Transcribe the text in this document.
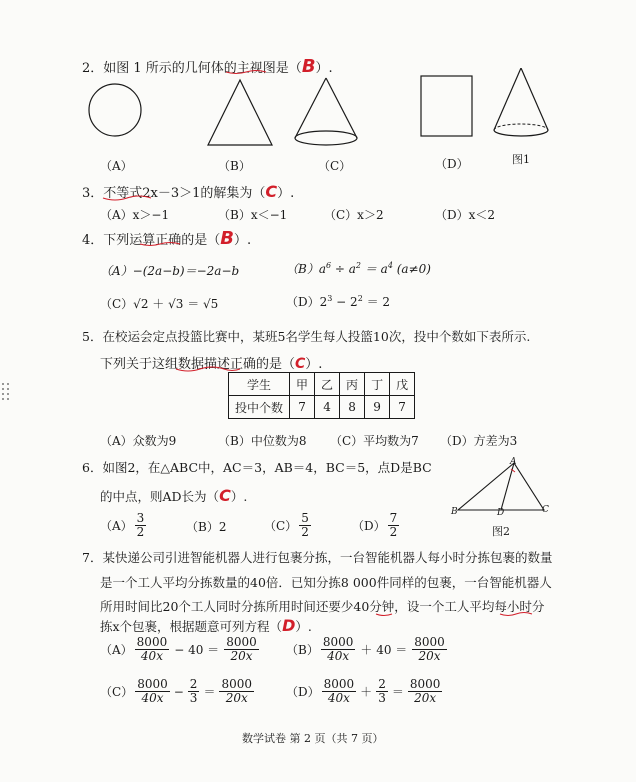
2．如图 1 所示的几何体的主视图是（B）.
（A）	（B）	（C）	（D）	图1
3．不等式2x－3＞1的解集为（C）.
（A）x＞−1	（B）x＜−1	（C）x＞2	（D）x＜2
4．下列运算正确的是（B）.
（A）−(2a−b)＝−2a−b	$(B)a^6 \div a^2 = a^4$ (a≠0)
（C）√2 ＋ √3 ＝ √5	$(D)2^3 - 2^2 = 2$
5．在校运会定点投篮比赛中，某班5名学生每人投篮10次，投中个数如下表所示.
下列关于这组数据描述正确的是（C）.
学生	甲	乙	丙	丁	戊
投中个数	7	4	8	9	7
（A）众数为9	（B）中位数为8 （C）平均数为7 （D）方差为3
6．如图2，在△ABC中，AC＝3，AB＝4，BC＝5，点D是BC
的中点，则AD长为（C）.
$(A) \frac{3}{2}$	（B）2	$(C) \frac{5}{2}$	$(D) \frac{7}{2}$
A
B	D	C
图2
7．某快递公司引进智能机器人进行包裹分拣，一台智能机器人每小时分拣包裹的数量
是一个工人平均分拣数量的40倍．已知分拣8 000件同样的包裹，一台智能机器人
所用时间比20个工人同时分拣所用时间还要少40分钟，设一个工人平均每小时分
拣x个包裹，根据题意可列方程（D）.
$(A) \frac{8000}{40x} - 40 = \frac{8000}{20x} (B) \frac{8000}{40x} + 40 = \frac{8000}{20x}$
$(C) \frac{8000}{40x} - \frac{2}{3} = \frac{8000}{20x}$	$(D) \frac{8000}{40x} + \frac{2}{3} = \frac{8000}{20x}$
数学试卷 第 2 页（共 7 页）
